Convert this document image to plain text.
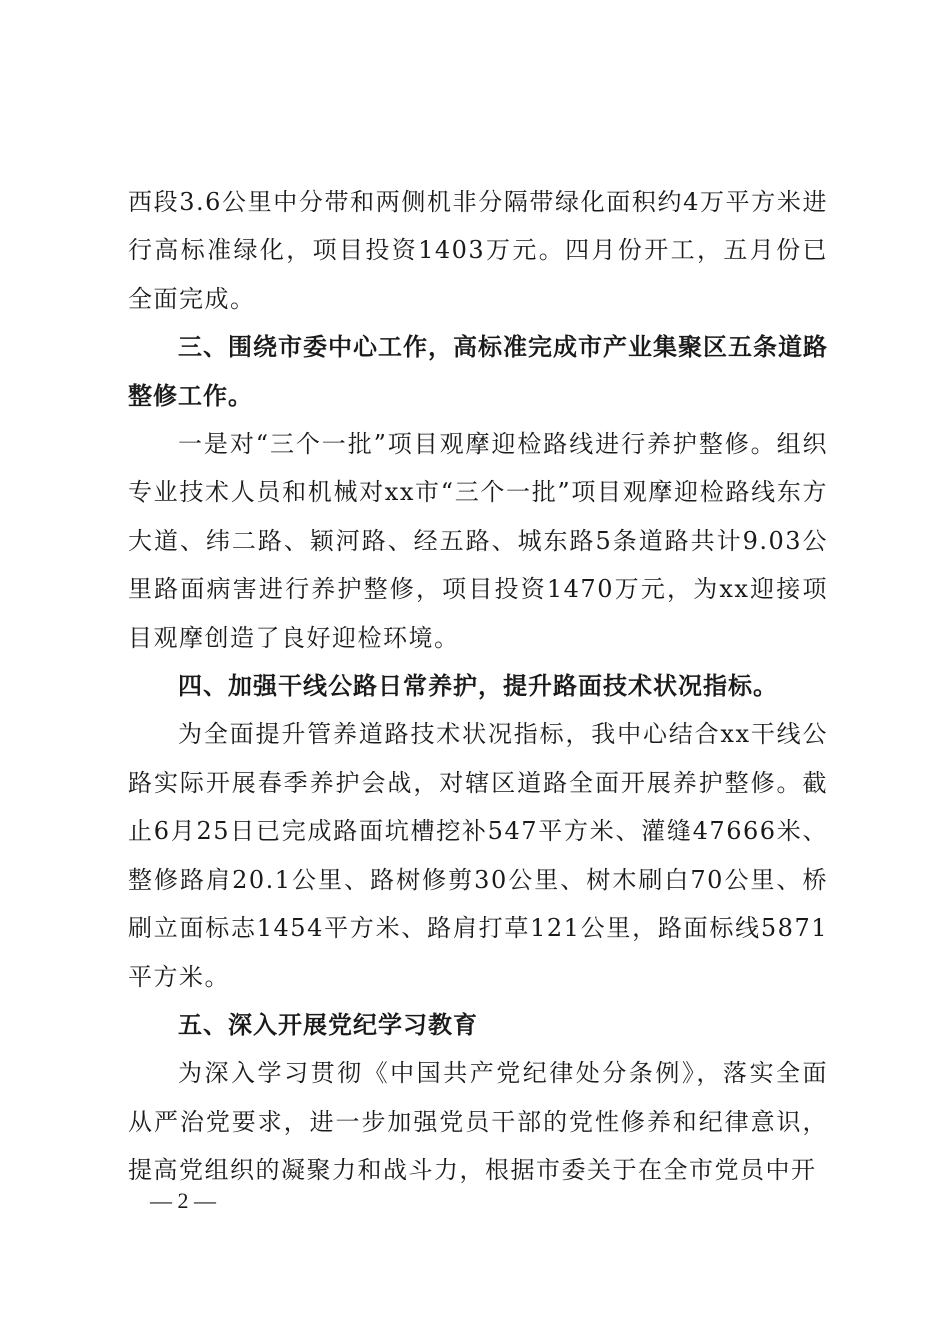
西段3.6公里中分带和两侧机非分隔带绿化面积约4万平方米进行高标准绿化，项目投资1403万元。四月份开工，五月份已全面完成。

三、围绕市委中心工作，高标准完成市产业集聚区五条道路整修工作。

一是对“三个一批”项目观摩迎检路线进行养护整修。组织专业技术人员和机械对xx市“三个一批”项目观摩迎检路线东方大道、纬二路、颖河路、经五路、城东路5条道路共计9.03公里路面病害进行养护整修，项目投资1470万元，为xx迎接项目观摩创造了良好迎检环境。

四、加强干线公路日常养护，提升路面技术状况指标。

为全面提升管养道路技术状况指标，我中心结合xx干线公路实际开展春季养护会战，对辖区道路全面开展养护整修。截止6月25日已完成路面坑槽挖补547平方米、灌缝47666米、整修路肩20.1公里、路树修剪30公里、树木刷白70公里、桥刷立面标志1454平方米、路肩打草121公里，路面标线5871平方米。

五、深入开展党纪学习教育

为深入学习贯彻《中国共产党纪律处分条例》，落实全面从严治党要求，进一步加强党员干部的党性修养和纪律意识，提高党组织的凝聚力和战斗力，根据市委关于在全市党员中开

— 2 —
